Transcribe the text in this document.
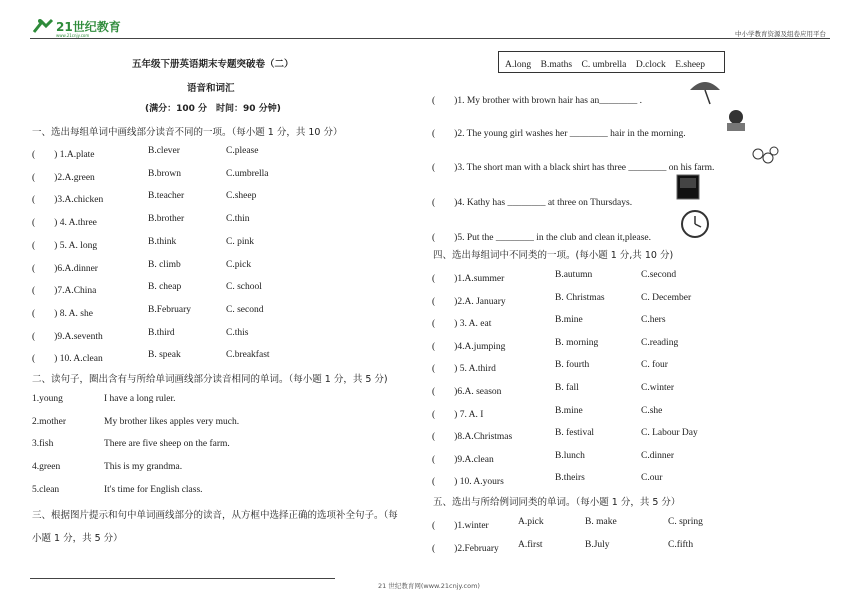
21世纪教育
www.21cnjy.com	中小学教育资源及组卷应用平台
五年级下册英语期末专题突破卷（二）
语音和词汇
(满分：100 分　时间：90 分钟)
一、选出每组单词中画线部分读音不同的一项。（每小题 1 分，共 10 分）
(　　) 1.A.plate	B.clever	C.please
(　　)2.A.green	B.brown	C.umbrella
(　　)3.A.chicken	B.teacher	C.sheep
(　　) 4. A.three	B.brother	C.thin
(　　) 5. A. long	B.think	C. pink
(　　)6.A.dinner	B. climb	C.pick
(　　)7.A.China	B. cheap	C. school
(　　) 8. A. she	B.February	C. second
(　　)9.A.seventh	B.third	C.this
(　　) 10. A.clean	B. speak	C.breakfast
二、读句子，圈出含有与所给单词画线部分读音相同的单词。（每小题 1 分，共 5 分)
1.young	I have a long ruler.
2.mother	My brother likes apples very much.
3.fish	There are five sheep on the farm.
4.green	This is my grandma.
5.clean	It's time for English class.
三、根据图片提示和句中单词画线部分的读音，从方框中选择正确的选项补全句子。（每
小题 1 分，共 5 分）
A.long　B.maths　C. umbrella　D.clock　E.sheep
(　　)1. My brother with brown hair has an________ .
(　　)2. The young girl washes her ________ hair in the morning.
(　　)3. The short man with a black shirt has three ________ on his farm.
(　　)4. Kathy has ________ at three on Thursdays.
(　　)5. Put the ________ in the club and clean it,please.
四、选出每组词中不同类的一项。(每小题 1 分,共 10 分)
(　　)1.A.summer	B.autumn	C.second
(　　)2.A. January	B. Christmas	C. December
(　　) 3. A. eat	B.mine	C.hers
(　　)4.A.jumping	B. morning	C.reading
(　　) 5. A.third	B. fourth	C. four
(　　)6.A. season	B. fall	C.winter
(　　) 7. A. I	B.mine	C.she
(　　)8.A.Christmas	B. festival	C. Labour Day
(　　)9.A.clean	B.lunch	C.dinner
(　　) 10. A.yours	B.theirs	C.our
五、选出与所给例词同类的单词。（每小题 1 分，共 5 分）
(　　)1.winter	A.pick	B. make	C. spring
(　　)2.February A.first	B.July	C.fifth
21 世纪教育网(www.21cnjy.com)
